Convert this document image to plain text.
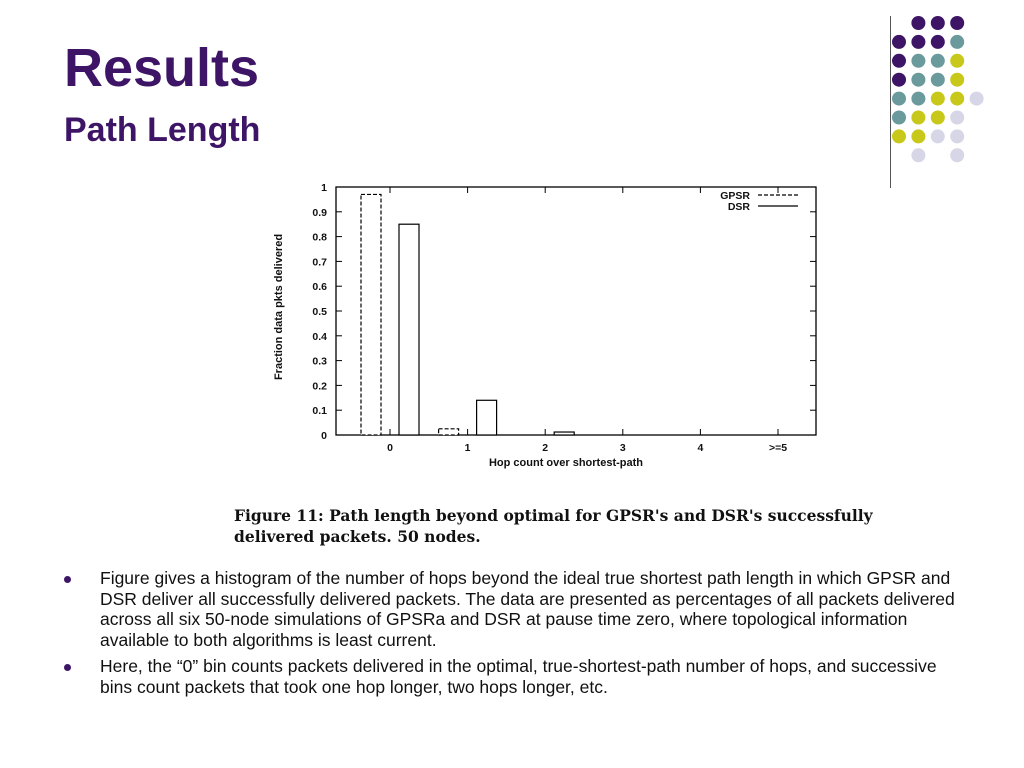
Results
Path Length
0
0.1
0.2
0.3
0.4
0.5
0.6
0.7
0.8
0.9
1
0	1	2	3	4	>=5
Hop count over shortest-path
Fraction data pkts delivered
GPSR
DSR
Figure 11: Path length beyond optimal for GPSR's and DSR's successfully delivered packets. 50 nodes.
Figure gives a histogram of the number of hops beyond the ideal true shortest path length in which GPSR and DSR deliver all successfully delivered packets. The data are presented as percentages of all packets delivered across all six 50-node simulations of GPSRa and DSR at pause time zero, where topological information available to both algorithms is least current.
Here, the “0” bin counts packets delivered in the optimal, true-shortest-path number of hops, and successive bins count packets that took one hop longer, two hops longer, etc.
